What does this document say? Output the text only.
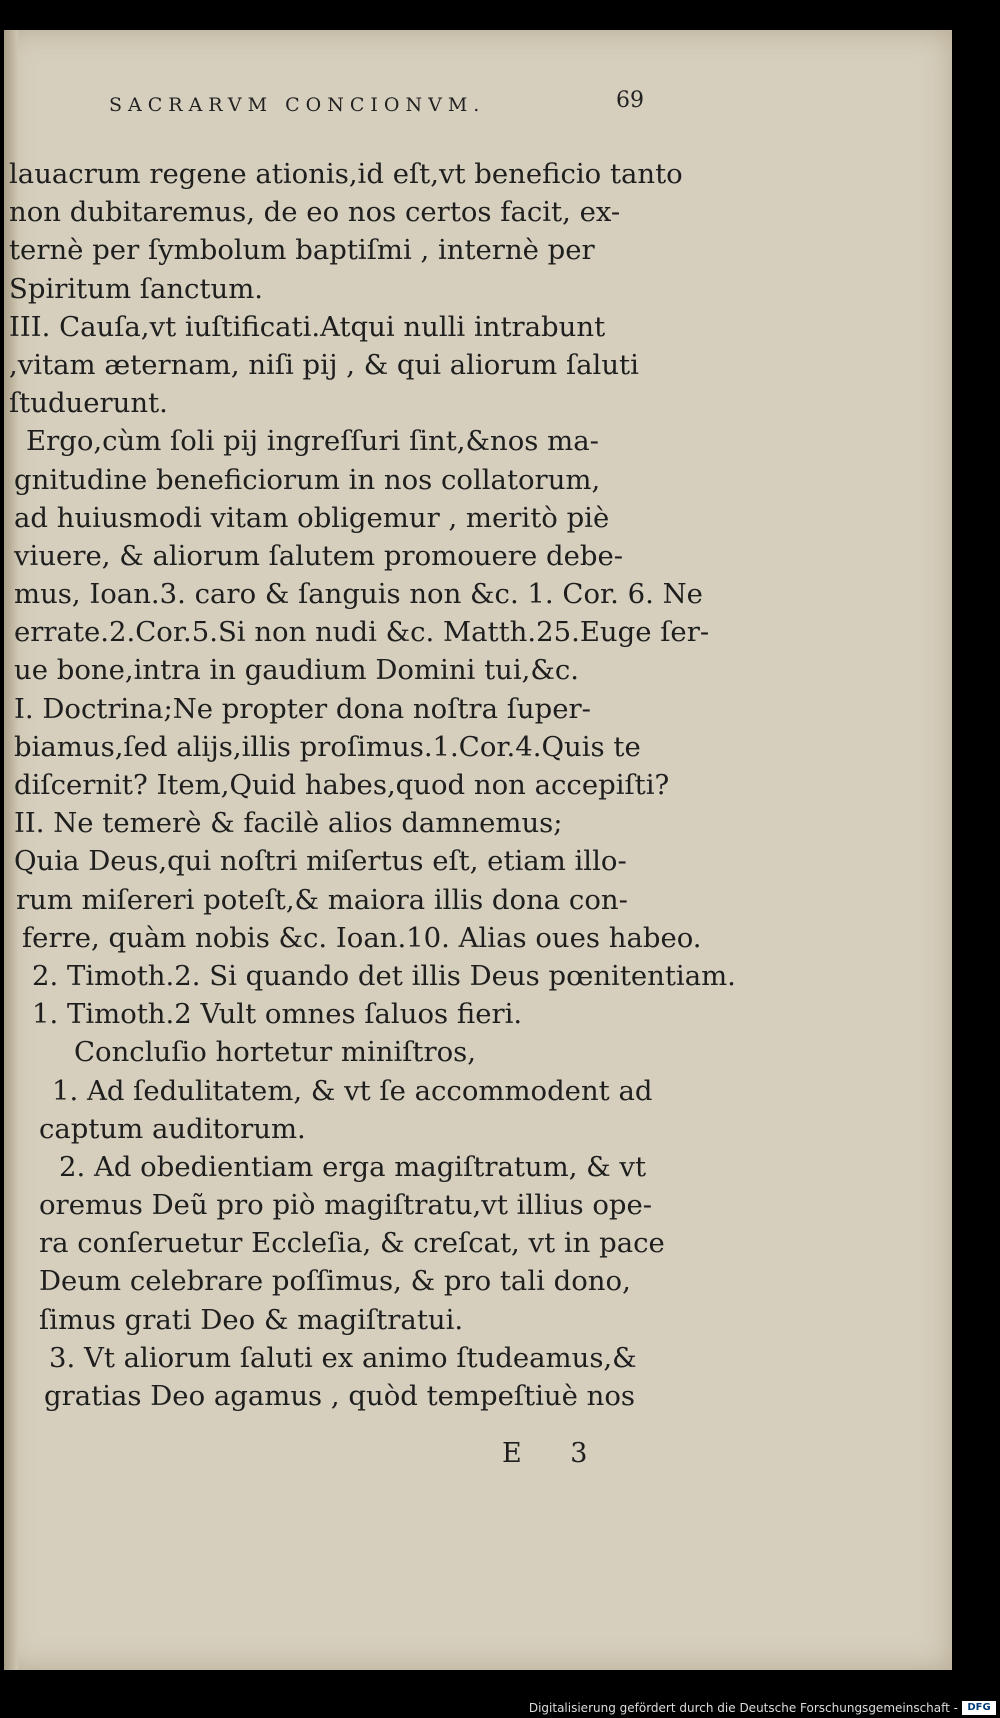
SACRARVM CONCIONVM.	69
lauacrum regene ationis,id eſt,vt beneficio tanto
non dubitaremus, de eo nos certos facit, ex-
ternè per ſymbolum baptiſmi , internè per
Spiritum ſanctum.
III. Cauſa,vt iuſtificati.Atqui nulli intrabunt
,vitam æternam, niſi pij , & qui aliorum ſaluti
ſtuduerunt.
Ergo,cùm ſoli pij ingreſſuri ſint,&nos ma-
gnitudine beneficiorum in nos collatorum,
ad huiusmodi vitam obligemur , meritò piè
viuere, & aliorum ſalutem promouere debe-
mus, Ioan.3. caro & ſanguis non &c. 1. Cor. 6. Ne
errate.2.Cor.5.Si non nudi &c. Matth.25.Euge ſer-
ue bone,intra in gaudium Domini tui,&c.
I. Doctrina;Ne propter dona noſtra ſuper-
biamus,ſed alijs,illis proſimus.1.Cor.4.Quis te
diſcernit? Item,Quid habes,quod non accepiſti?
II. Ne temerè & facilè alios damnemus;
Quia Deus,qui noſtri miſertus eſt, etiam illo-
rum miſereri poteſt,& maiora illis dona con-
ferre, quàm nobis &c. Ioan.10. Alias oues habeo.
2. Timoth.2. Si quando det illis Deus pœnitentiam.
1. Timoth.2 Vult omnes ſaluos fieri.
Concluſio hortetur miniſtros,
1. Ad ſedulitatem, & vt ſe accommodent ad
captum auditorum.
2. Ad obedientiam erga magiſtratum, & vt
oremus Deũ pro piò magiſtratu,vt illius ope-
ra conſeruetur Eccleſia, & creſcat, vt in pace
Deum celebrare poſſimus, & pro tali dono,
ſimus grati Deo & magiſtratui.
3. Vt aliorum ſaluti ex animo ſtudeamus,&
gratias Deo agamus , quòd tempeſtiuè nos
E 3
Digitalisierung gefördert durch die Deutsche Forschungsgemeinschaft - DFG
